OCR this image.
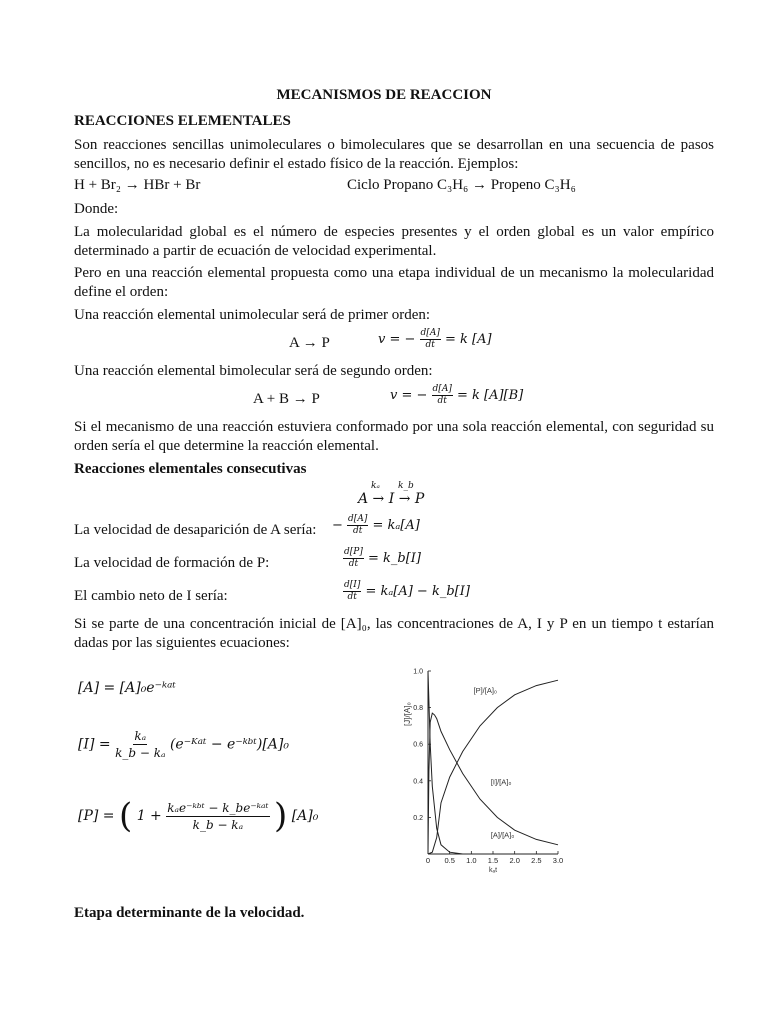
MECANISMOS DE REACCION
REACCIONES ELEMENTALES
Son reacciones sencillas unimoleculares o bimoleculares que se desarrollan en una secuencia de pasos sencillos, no es necesario definir el estado físico de la reacción. Ejemplos:
H + Br₂ → HBr + Br	Ciclo Propano C₃H₆ → Propeno C₃H₆
Donde:
La molecularidad global es el número de especies presentes y el orden global es un valor empírico determinado a partir de ecuación de velocidad experimental.
Pero en una reacción elemental propuesta como una etapa individual de un mecanismo la molecularidad define el orden:
Una reacción elemental unimolecular será de primer orden:
A → P	v = − $\frac{d[A]}{dt} = k$ [A]
Una reacción elemental bimolecular será de segundo orden:
A + B → P	v = − $\frac{d[A]}{dt} = k$ [A][B]
Si el mecanismo de una reacción estuviera conformado por una sola reacción elemental, con seguridad su orden sería el que determine la reacción elemental.
Reacciones elementales consecutivas
kₐ k_b
A → I → P
La velocidad de desaparición de A sería: − $\frac{d[A]}{dt} = k_a[A]$
La velocidad de formación de P:	$\frac{d[P]}{dt}$ = k_b[I]
El cambio neto de I sería:	$\frac{d[I]}{dt} = k_a[A]$ − k_b[I]
Si se parte de una concentración inicial de [A]₀, las concentraciones de A, I y P en un tiempo t estarían dadas por las siguientes ecuaciones:
[A] = [A]₀e⁻ᵏᵃᵗ
$[I] = \frac{\text{kₐ}}{\text{k\_b − kₐ}}$ (e⁻ᴷᵃᵗ − e⁻ᵏᵇᵗ)[A]₀
[P] = ( $1 + \frac{\text{kₐe⁻ᵏᵇᵗ − k\_be⁻ᵏᵃᵗ}}{\text{k\_b − kₐ}}$ ) [A]₀
0 0.5 1.0 1.5 2.0 2.5 3.0
0.2
0.4
0.6
0.8
1.0
[J]/[A]₀
kₐt
[P]/[A]₀
[I]/[A]₀
[A]/[A]₀
Etapa determinante de la velocidad.
